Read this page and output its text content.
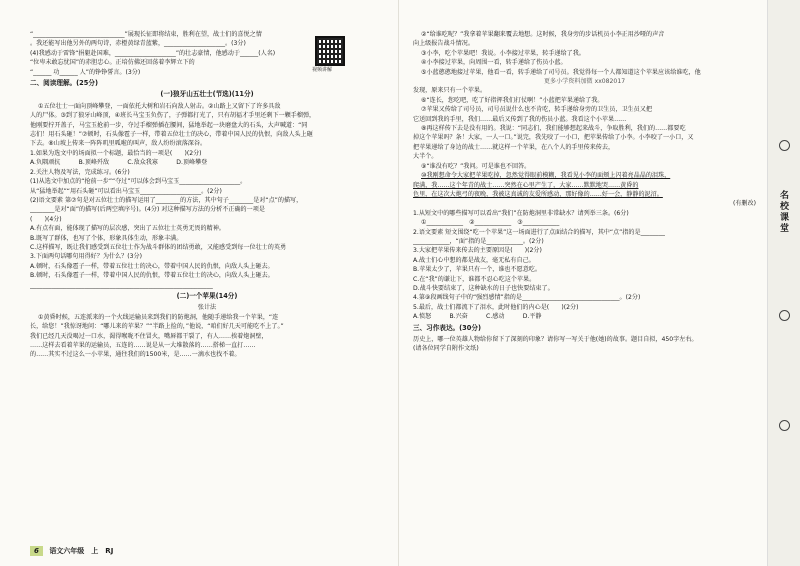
“______________________________”展现长征即将结束，胜利在望，战士们的喜悦之情
。我还能写出他另外的两句诗，赤橙黄绿青蓝紫，____________________。(3分)
(4)我感动于雷锋“捐躯赴国难，____________________”的壮志豪情，他感动于______(人名)
“位卑未敢忘忧国”的赤胆忠心。正培仿佛还回荡着李辉立下的
“______ 功______ 人”的铮铮誓言。(3分)
二、阅读理解。(25分)
(一)狼牙山五壮士(节选)(11分)
①五位壮士一面向顶峰攀登，一面依托大树和岩石向敌人射击。②山路上又留下了许多具敌
人的尸体。③到了狼牙山峰顶，④班长马宝玉负伤了，子弹都打光了，只有胡福才手里还剩下一颗手榴弹，
他刚要拧开盖子，马宝玉抢前一步，夺过手榴弹插在腰间，猛地举起一块磨盘大的石头，大声喊道：“同
志们！用石头砸！”⑦顿时，石头像雹子一样，带着五位壮士的决心，带着中国人民的仇恨，向敌人头上砸
下去。⑧山坡上传来一阵阵叽里呱啦的叫声，敌人纷纷滚落深谷。
1.如果为选文中的场面拟一个标题，最恰当的一项是(　　)(2分)
A.负隅顽抗　　　B.顶峰歼敌　　　C.敌众我寡　　　D.顶峰攀登
2.关注人物及写法，完成练习。(6分)
(1)从选文中加点的“抢前一步”“夺过”可以体会到马宝玉____________________。
从“猛地举起”“用石头砸”可以看出马宝玉____________________。(2分)
(2)语文要素 第⑦句是对五位壮士的描写运用了________的方法，其中句子________是对“点”的描写，
________是对“面”的描写(后两空填序号)。(4分) 对这种描写方法的分析不正确的一项是
(　　)(4分)
A.有点有面，能体现了描写的层次感，突出了五位壮士英勇无畏的精神。
B.既写了群体，也写了个体，形象具体生动，形象丰满。
C.这样描写，既让我们感受到五位壮士作为战斗群体的团结勇敢，又能感受到每一位壮士的英勇
3.下面两句话哪句用得好？为什么？(3分)
A.顿时，石头像雹子一样，带着五位壮士的决心，带着中国人民的仇恨，向敌人头上砸去。
B.顿时，石头像雹子一样，带着中国人民的仇恨，带着五位壮士的决心，向敌人头上砸去。
____________________________________________________________
(二)一个苹果(14分)
张计法
①黄昏时候，五连派来的一个火线运输员来到我们的防炮洞，他随手递给我一个苹果，“连
长，给您！”我惊讶地问：“哪儿来的苹果？”“半路上捡的，”他说，“咱们好几天可能吃不上了。”
我们已经几天没喝过一口水，渴得喉咙不住冒火，嘴唇都干裂了，有人……挨着炮洞壁，
……这样去看着苹果的运输员，五连的……说是从一大堆散落的……搭梯一直打……
的……其实不过这么一小苹果，通往我们的1500米，是……一滴水也找不着。
②“给谁吃呢？”我拿着苹果翻来覆去地想。这时候，我身旁的步话机员小李正用沙哑的声音
向上级报告战斗情况。
③小李，吃个苹果吧！我说。小李接过苹果，转手递给了我。
④小李接过苹果，向周围一看，转手递给了伤员小蓝。
⑤小蓝憨憨地接过苹果，他看一看，转手递给了司号员。我觉得每一个人都知道这个苹果应该给谁吃，他
更多小学资料加微 xx082017
发现，原来只有一个苹果。
⑥“连长，您吃吧，吃了好指挥我们打仗啊！”小蓝把苹果递给了我。
⑦苹果又传给了司号员，司号员说什么也不肯吃，转手递给身旁的卫生员，卫生员又把
它送回到我的手里，我们……最后又传到了我的伤员小蓝。我看这个小苹果……
⑧再这样传下去是没有用的。我说：“同志们，我们能够想起来战斗，争取胜利，我们的……都要吃
掉这个苹果吗？条！大家，一人一口。”说完，我先咬了一小口，把苹果传给了小李。小李咬了一小口，又
把苹果递给了身边的战士……就这样一个苹果，在八个人的手里传来传去，
大半个。
⑨“谁没有吃？”我问。可是谁也不回答。
⑩我刚想命令大家把苹果吃掉，忽然觉得眼前模糊，我看见小李的面颊上闪着亮晶晶的泪珠，
爬满，我……这个年青的战士……突然在心里产生了，大家……默默地哭……黄昏的
色里，在这次大炮弓的夜晚，我被这真诚的友爱所感动，那好像的……好一会，静静的泥沼。
(有删改)
1.从短文中的哪些描写可以看出“我们”在防炮洞里非常缺水？请列举三条。(6分)
①____________　②____________　③____________
2.语文要素 短文围绕“吃一个苹果”这一场面进行了点面结合的描写，其中“点”指的是________
____________，“面”指的是____________。(2分)
3.大家把苹果传来传去的主要原因是(　　)(2分)
A.战士们心中想的都是战友，毫无私有自己。
B.苹果太少了，苹果只有一个，谁也不愿意吃。
C.在“我”的谦让下，谁都不忍心吃这个苹果。
D.战斗快要结束了，这种缺水的日子也快要结束了。
4.第⑨段画线句子中的“强烈感情”指的是________________________________。(2分)
5.最后，战士们都流下了泪水，此时他们的内心是(　　)(2分)
A.愤怒　　　B.兴奋　　　C.感动　　　D.平静
三、习作表达。(30分)
历史上，哪一位英雄人物给你留下了深刻的印象？请你写一写关于他(她)的故事。题目自拟，450字左右。
(请各位同学自附作文纸)
视频讲解
名校课堂
6 语文六年级　上　RJ
